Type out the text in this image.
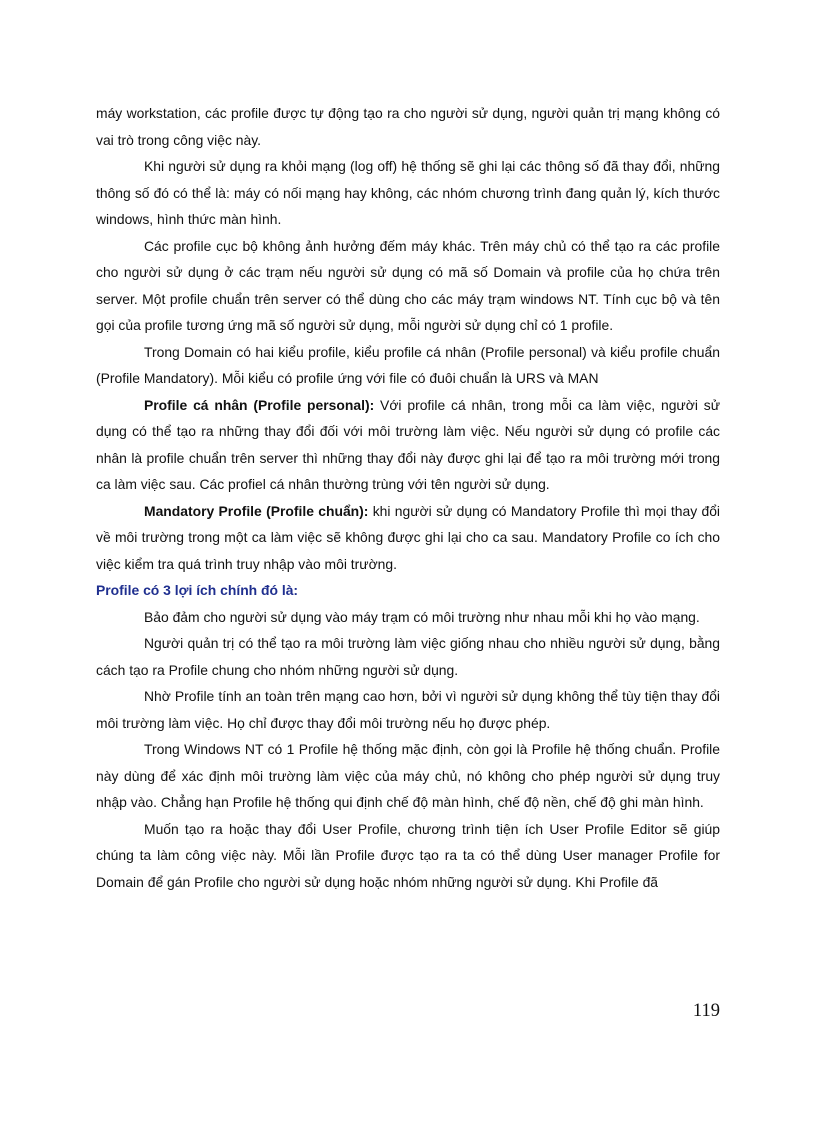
máy workstation, các profile được tự động tạo ra cho người sử dụng, người quản trị mạng không có vai trò trong công việc này.

Khi người sử dụng ra khỏi mạng (log off) hệ thống sẽ ghi lại các thông số đã thay đổi, những thông số đó có thể là: máy có nối mạng hay không, các nhóm chương trình đang quản lý, kích thước windows, hình thức màn hình.

Các profile cục bộ không ảnh hưởng đếm máy khác. Trên máy chủ có thể tạo ra các profile cho người sử dụng ở các trạm nếu người sử dụng có mã số Domain và profile của họ chứa trên server. Một profile chuẩn trên server có thể dùng cho các máy trạm windows NT. Tính cục bộ và tên gọi của profile tương ứng mã số người sử dụng, mỗi người sử dụng chỉ có 1 profile.

Trong Domain có hai kiểu profile, kiểu profile cá nhân (Profile personal) và kiểu profile chuẩn (Profile Mandatory). Mỗi kiểu có profile ứng với file có đuôi chuẩn là URS và MAN

Profile cá nhân (Profile personal): Với profile cá nhân, trong mỗi ca làm việc, người sử dụng có thể tạo ra những thay đổi đối với môi trường làm việc. Nếu người sử dụng có profile các nhân là profile chuẩn trên server thì những thay đổi này được ghi lại để tạo ra môi trường mới trong ca làm việc sau. Các profiel cá nhân thường trùng với tên người sử dụng.

Mandatory Profile (Profile chuẩn): khi người sử dụng có Mandatory Profile thì mọi thay đổi về môi trường trong một ca làm việc sẽ không được ghi lại cho ca sau. Mandatory Profile co ích cho việc kiểm tra quá trình truy nhập vào môi trường.

Profile có 3 lợi ích chính đó là:

Bảo đảm cho người sử dụng vào máy trạm có môi trường như nhau mỗi khi họ vào mạng.

Người quản trị có thể tạo ra môi trường làm việc giống nhau cho nhiều người sử dụng, bằng cách tạo ra Profile chung cho nhóm những người sử dụng.

Nhờ Profile tính an toàn trên mạng cao hơn, bởi vì người sử dụng không thể tùy tiện thay đổi môi trường làm việc. Họ chỉ được thay đổi môi trường nếu họ được phép.

Trong Windows NT có 1 Profile hệ thống mặc định, còn gọi là Profile hệ thống chuẩn. Profile này dùng để xác định môi trường làm việc của máy chủ, nó không cho phép người sử dụng truy nhập vào. Chẳng hạn Profile hệ thống qui định chế độ màn hình, chế độ nền, chế độ ghi màn hình.

Muốn tạo ra hoặc thay đổi User Profile, chương trình tiện ích User Profile Editor sẽ giúp chúng ta làm công việc này. Mỗi lần Profile được tạo ra ta có thể dùng User manager Profile for Domain để gán Profile cho người sử dụng hoặc nhóm những người sử dụng. Khi Profile đã

119
